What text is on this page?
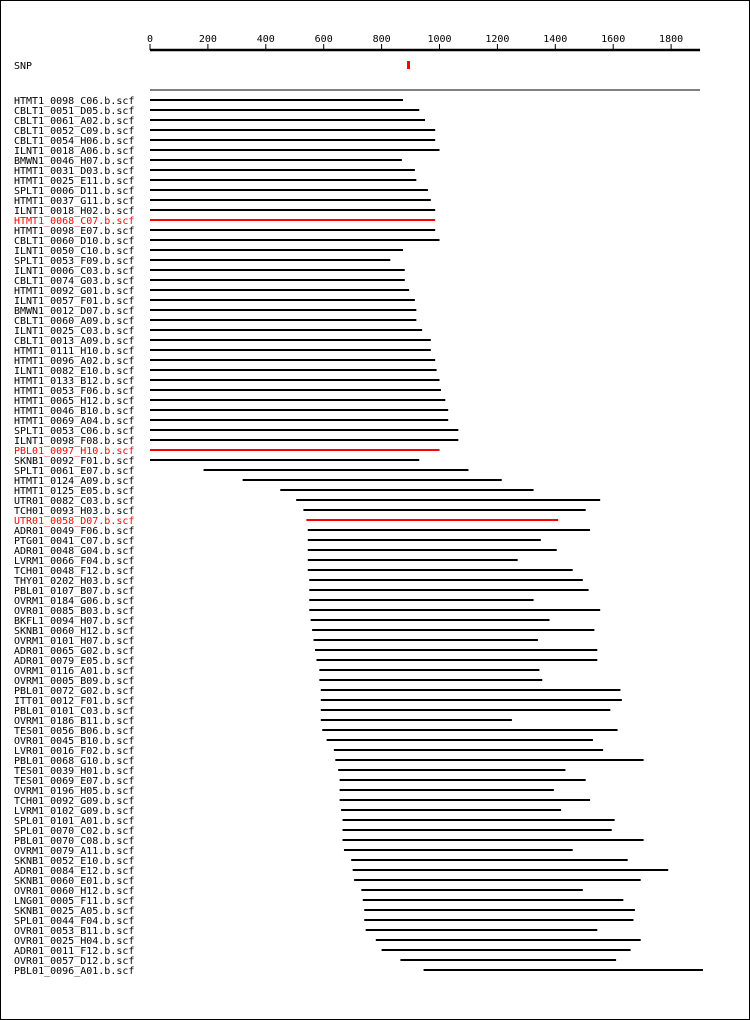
0	200	400	600	800	1000	1200	1400	1600	1800
SNP
HTMT1_0098_C06.b.scf
CBLT1_0051_D05.b.scf
CBLT1_0061_A02.b.scf
CBLT1_0052_C09.b.scf
CBLT1_0054_H06.b.scf
ILNT1_0018_A06.b.scf
BMWN1_0046_H07.b.scf
HTMT1_0031_D03.b.scf
HTMT1_0025_E11.b.scf
SPLT1_0006_D11.b.scf
HTMT1_0037_G11.b.scf
ILNT1_0018_H02.b.scf
HTMT1_0068_C07.b.scf
HTMT1_0098_E07.b.scf
CBLT1_0060_D10.b.scf
ILNT1_0050_C10.b.scf
SPLT1_0053_F09.b.scf
ILNT1_0006_C03.b.scf
CBLT1_0074_G03.b.scf
HTMT1_0092_G01.b.scf
ILNT1_0057_F01.b.scf
BMWN1_0012_D07.b.scf
CBLT1_0060_A09.b.scf
ILNT1_0025_C03.b.scf
CBLT1_0013_A09.b.scf
HTMT1_0111_H10.b.scf
HTMT1_0096_A02.b.scf
ILNT1_0082_E10.b.scf
HTMT1_0133_B12.b.scf
HTMT1_0053_F06.b.scf
HTMT1_0065_H12.b.scf
HTMT1_0046_B10.b.scf
HTMT1_0069_A04.b.scf
SPLT1_0053_C06.b.scf
ILNT1_0098_F08.b.scf
PBL01_0097_H10.b.scf
SKNB1_0092_F01.b.scf
SPLT1_0061_E07.b.scf
HTMT1_0124_A09.b.scf
HTMT1_0125_E05.b.scf
UTR01_0082_C03.b.scf
TCH01_0093_H03.b.scf
UTR01_0058_D07.b.scf
ADR01_0049_F06.b.scf
PTG01_0041_C07.b.scf
ADR01_0048_G04.b.scf
LVRM1_0066_F04.b.scf
TCH01_0048_F12.b.scf
THY01_0202_H03.b.scf
PBL01_0107_B07.b.scf
OVRM1_0184_G06.b.scf
OVR01_0085_B03.b.scf
BKFL1_0094_H07.b.scf
SKNB1_0060_H12.b.scf
OVRM1_0101_H07.b.scf
ADR01_0065_G02.b.scf
ADR01_0079_E05.b.scf
OVRM1_0116_A01.b.scf
OVRM1_0005_B09.b.scf
PBL01_0072_G02.b.scf
ITT01_0012_F01.b.scf
PBL01_0101_C03.b.scf
OVRM1_0186_B11.b.scf
TES01_0056_B06.b.scf
OVR01_0045_B10.b.scf
LVR01_0016_F02.b.scf
PBL01_0068_G10.b.scf
TES01_0039_H01.b.scf
TES01_0069_E07.b.scf
OVRM1_0196_H05.b.scf
TCH01_0092_G09.b.scf
LVRM1_0102_G09.b.scf
SPL01_0101_A01.b.scf
SPL01_0070_C02.b.scf
PBL01_0070_C08.b.scf
OVRM1_0079_A11.b.scf
SKNB1_0052_E10.b.scf
ADR01_0084_E12.b.scf
SKNB1_0060_E01.b.scf
OVR01_0060_H12.b.scf
LNG01_0005_F11.b.scf
SKNB1_0025_A05.b.scf
SPL01_0044_F04.b.scf
OVR01_0053_B11.b.scf
OVR01_0025_H04.b.scf
ADR01_0011_F12.b.scf
OVR01_0057_D12.b.scf
PBL01_0096_A01.b.scf
